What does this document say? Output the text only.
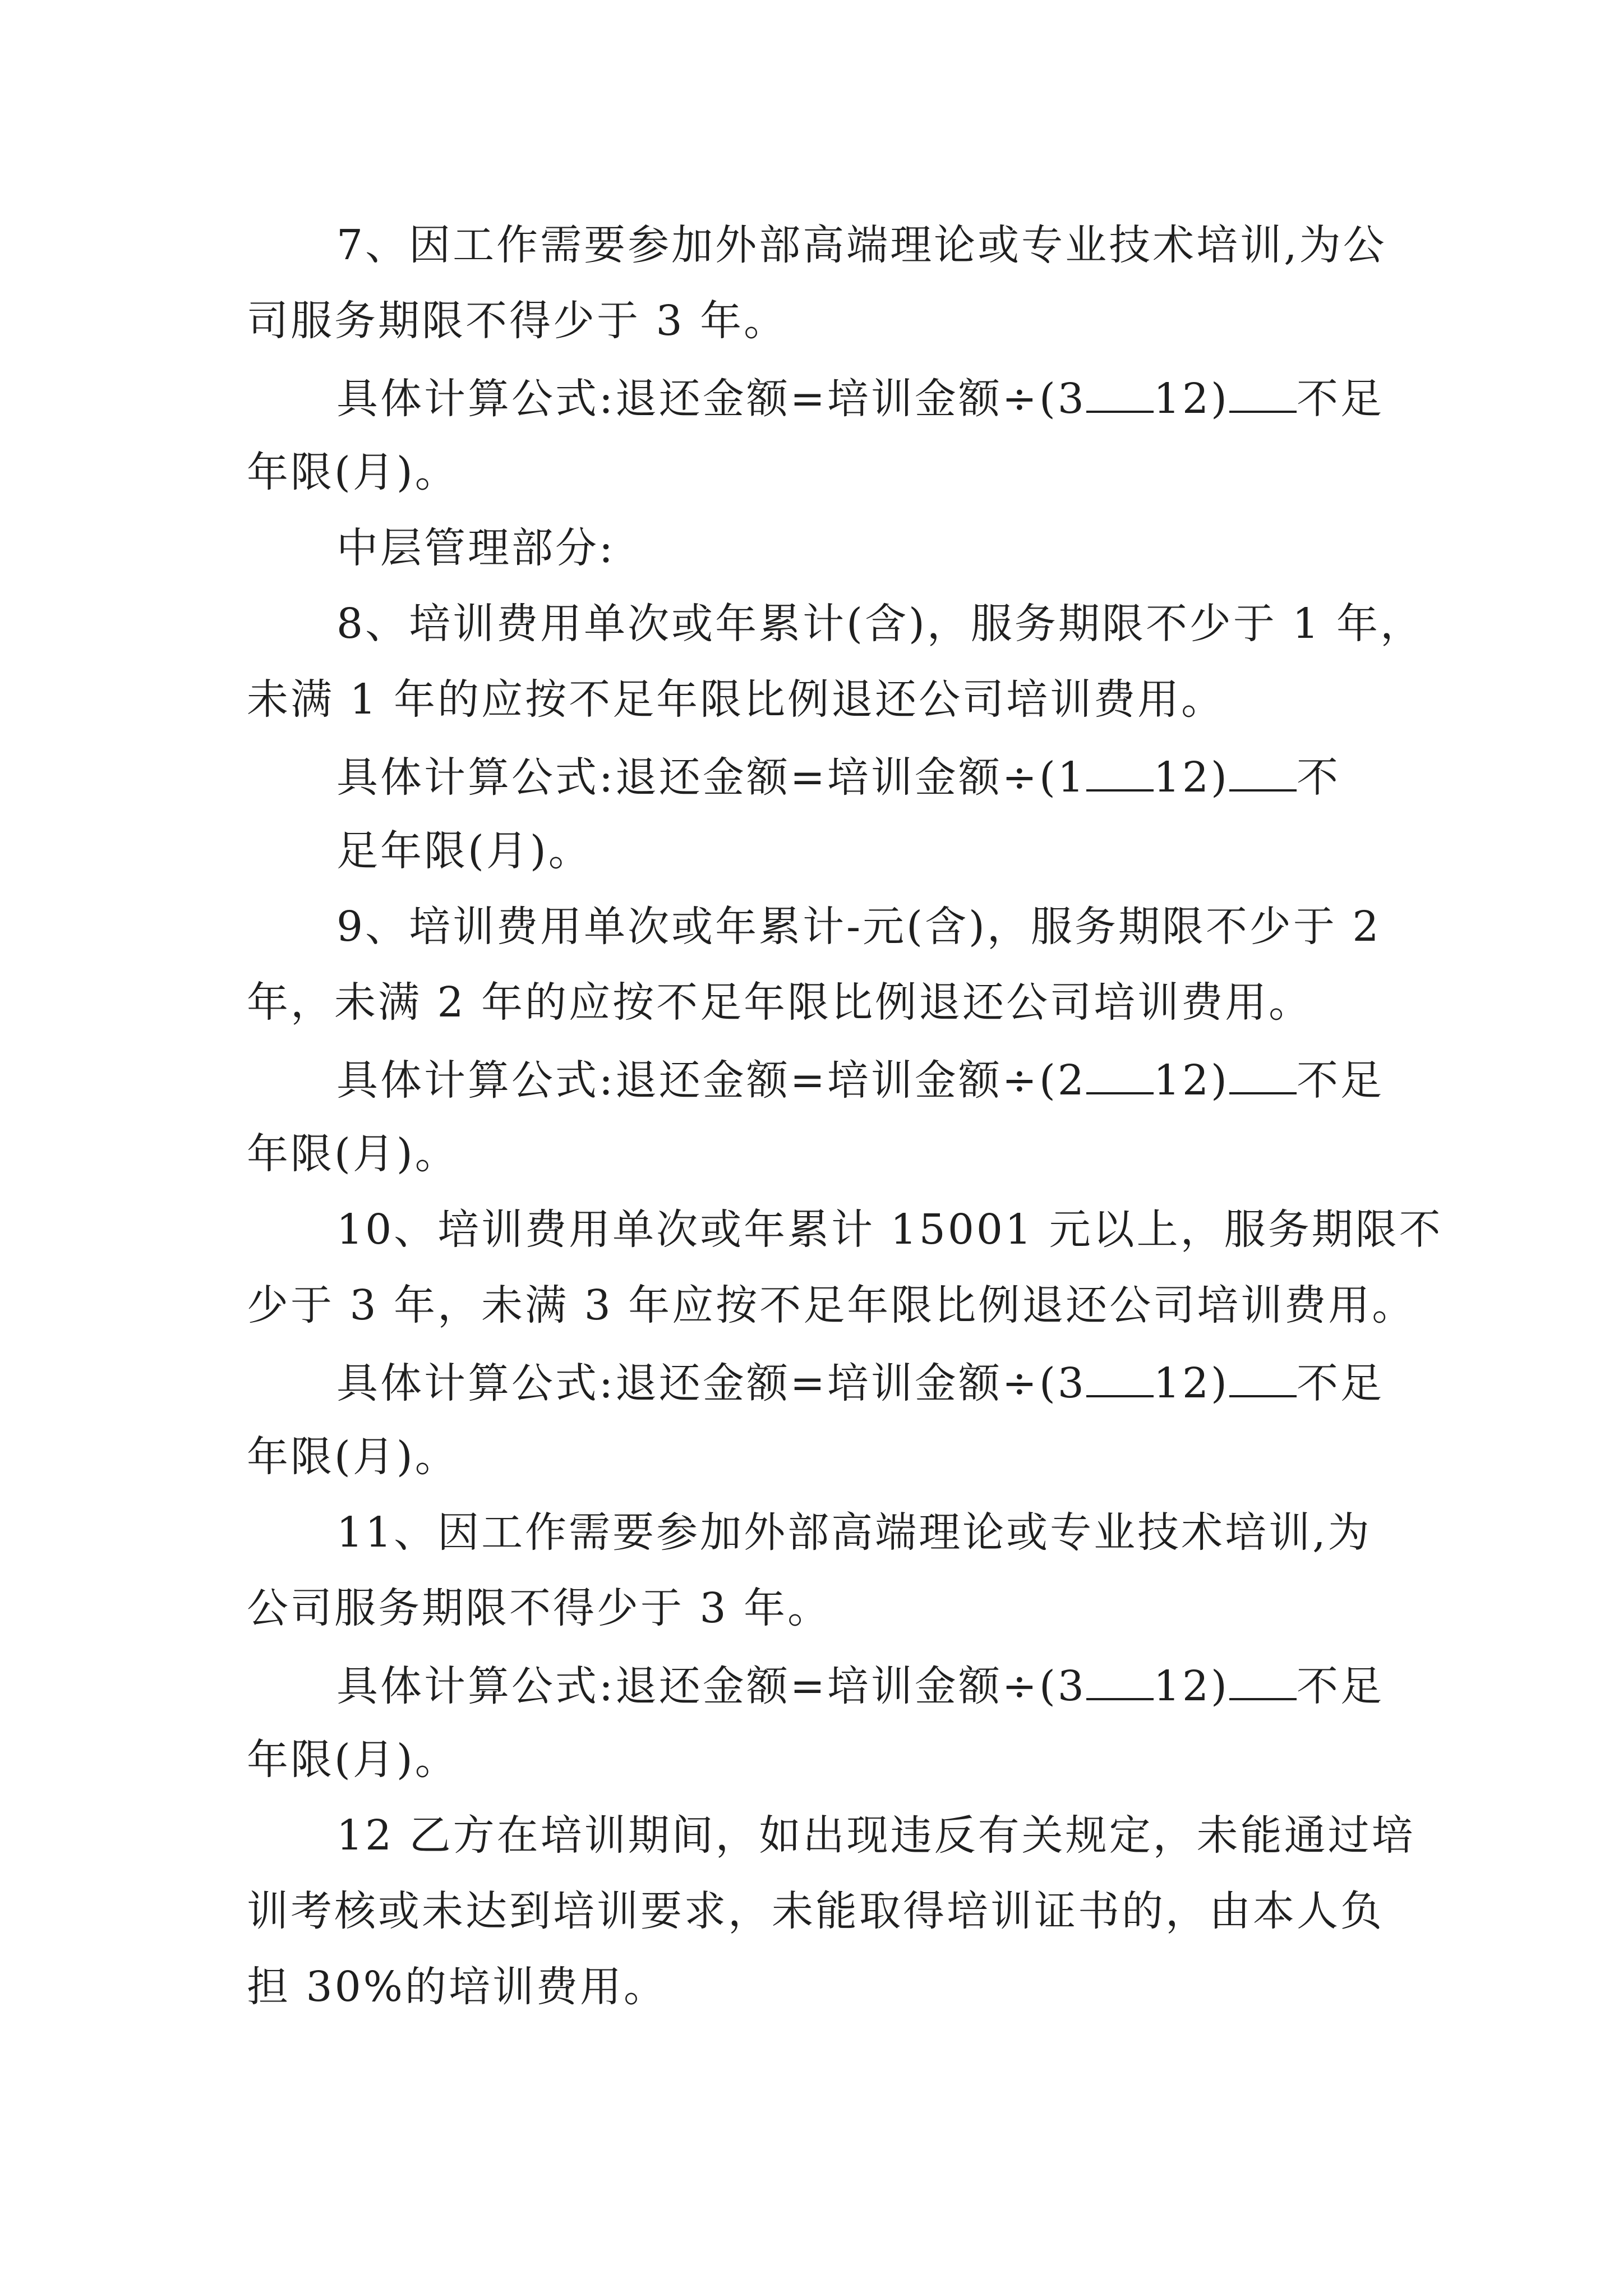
7、因工作需要参加外部高端理论或专业技术培训,为公
司服务期限不得少于 3 年。
具体计算公式:退还金额=培训金额÷(3 12) 不足
年限(月)。
中层管理部分:
8、培训费用单次或年累计(含)，服务期限不少于 1 年，
未满 1 年的应按不足年限比例退还公司培训费用。
具体计算公式:退还金额=培训金额÷(1 12) 不
足年限(月)。
9、培训费用单次或年累计-元(含)，服务期限不少于 2
年，未满 2 年的应按不足年限比例退还公司培训费用。
具体计算公式:退还金额=培训金额÷(2 12) 不足
年限(月)。
10、培训费用单次或年累计 15001 元以上，服务期限不
少于 3 年，未满 3 年应按不足年限比例退还公司培训费用。
具体计算公式:退还金额=培训金额÷(3 12) 不足
年限(月)。
11、因工作需要参加外部高端理论或专业技术培训,为
公司服务期限不得少于 3 年。
具体计算公式:退还金额=培训金额÷(3 12) 不足
年限(月)。
12 乙方在培训期间，如出现违反有关规定，未能通过培
训考核或未达到培训要求，未能取得培训证书的，由本人负
担 30%的培训费用。
